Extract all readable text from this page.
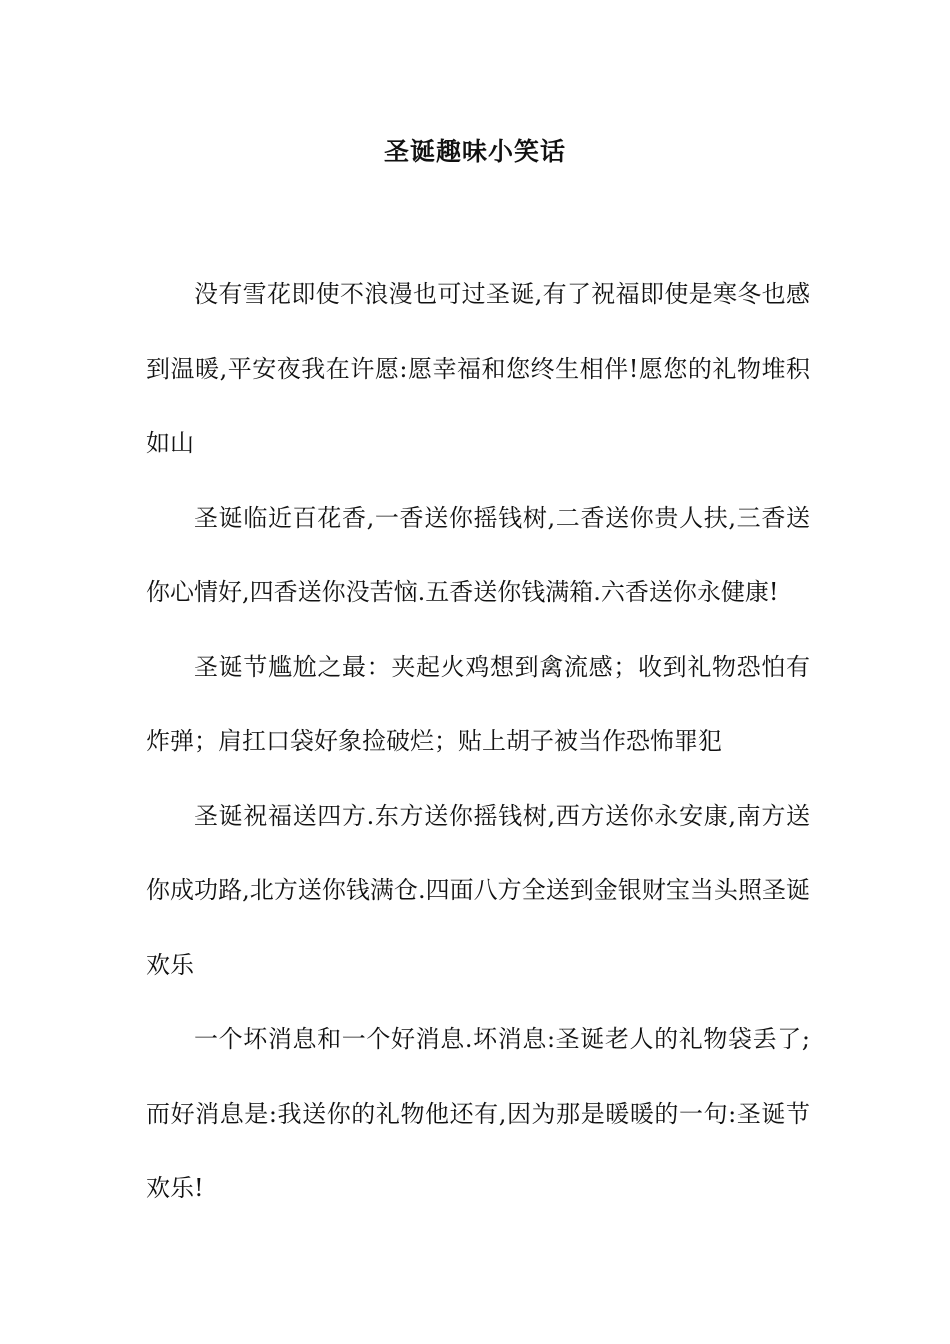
圣诞趣味小笑话

没有雪花即使不浪漫也可过圣诞,有了祝福即使是寒冬也感到温暖,平安夜我在许愿:愿幸福和您终生相伴!愿您的礼物堆积如山

圣诞临近百花香,一香送你摇钱树,二香送你贵人扶,三香送你心情好,四香送你没苦恼.五香送你钱满箱.六香送你永健康!

圣诞节尴尬之最：夹起火鸡想到禽流感；收到礼物恐怕有炸弹；肩扛口袋好象捡破烂；贴上胡子被当作恐怖罪犯

圣诞祝福送四方.东方送你摇钱树,西方送你永安康,南方送你成功路,北方送你钱满仓.四面八方全送到金银财宝当头照圣诞欢乐

一个坏消息和一个好消息.坏消息:圣诞老人的礼物袋丢了;而好消息是:我送你的礼物他还有,因为那是暖暖的一句:圣诞节欢乐!
